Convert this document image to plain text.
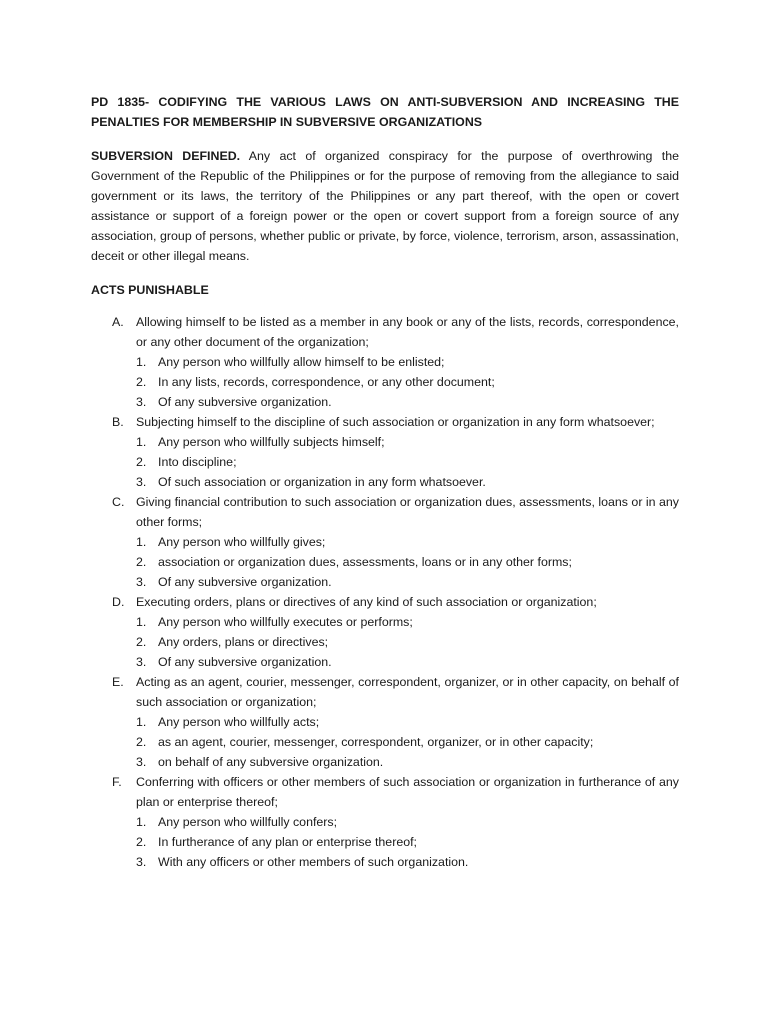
PD 1835- CODIFYING THE VARIOUS LAWS ON ANTI-SUBVERSION AND INCREASING THE PENALTIES FOR MEMBERSHIP IN SUBVERSIVE ORGANIZATIONS

SUBVERSION DEFINED. Any act of organized conspiracy for the purpose of overthrowing the Government of the Republic of the Philippines or for the purpose of removing from the allegiance to said government or its laws, the territory of the Philippines or any part thereof, with the open or covert assistance or support of a foreign power or the open or covert support from a foreign source of any association, group of persons, whether public or private, by force, violence, terrorism, arson, assassination, deceit or other illegal means.

ACTS PUNISHABLE

A. Allowing himself to be listed as a member in any book or any of the lists, records, correspondence, or any other document of the organization;
1. Any person who willfully allow himself to be enlisted;
2. In any lists, records, correspondence, or any other document;
3. Of any subversive organization.
B. Subjecting himself to the discipline of such association or organization in any form whatsoever;
1. Any person who willfully subjects himself;
2. Into discipline;
3. Of such association or organization in any form whatsoever.
C. Giving financial contribution to such association or organization dues, assessments, loans or in any other forms;
1. Any person who willfully gives;
2. association or organization dues, assessments, loans or in any other forms;
3. Of any subversive organization.
D. Executing orders, plans or directives of any kind of such association or organization;
1. Any person who willfully executes or performs;
2. Any orders, plans or directives;
3. Of any subversive organization.
E. Acting as an agent, courier, messenger, correspondent, organizer, or in other capacity, on behalf of such association or organization;
1. Any person who willfully acts;
2. as an agent, courier, messenger, correspondent, organizer, or in other capacity;
3. on behalf of any subversive organization.
F. Conferring with officers or other members of such association or organization in furtherance of any plan or enterprise thereof;
1. Any person who willfully confers;
2. In furtherance of any plan or enterprise thereof;
3. With any officers or other members of such organization.
